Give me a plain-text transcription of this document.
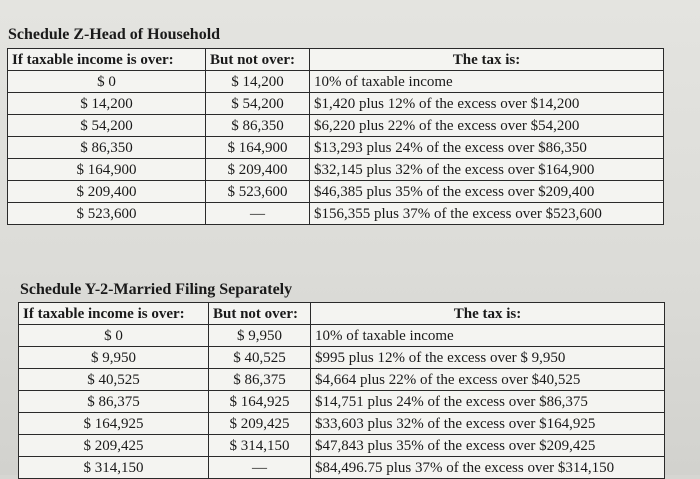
Schedule Z-Head of Household
If taxable income is over:	But not over:	The tax is:
$ 0	$ 14,200	10% of taxable income
$ 14,200	$ 54,200	$1,420 plus 12% of the excess over $14,200
$ 54,200	$ 86,350	$6,220 plus 22% of the excess over $54,200
$ 86,350	$ 164,900	$13,293 plus 24% of the excess over $86,350
$ 164,900	$ 209,400	$32,145 plus 32% of the excess over $164,900
$ 209,400	$ 523,600	$46,385 plus 35% of the excess over $209,400
$ 523,600	—	$156,355 plus 37% of the excess over $523,600
Schedule Y-2-Married Filing Separately
If taxable income is over:	But not over:	The tax is:
$ 0	$ 9,950	10% of taxable income
$ 9,950	$ 40,525	$995 plus 12% of the excess over $ 9,950
$ 40,525	$ 86,375	$4,664 plus 22% of the excess over $40,525
$ 86,375	$ 164,925	$14,751 plus 24% of the excess over $86,375
$ 164,925	$ 209,425	$33,603 plus 32% of the excess over $164,925
$ 209,425	$ 314,150	$47,843 plus 35% of the excess over $209,425
$ 314,150	—	$84,496.75 plus 37% of the excess over $314,150
